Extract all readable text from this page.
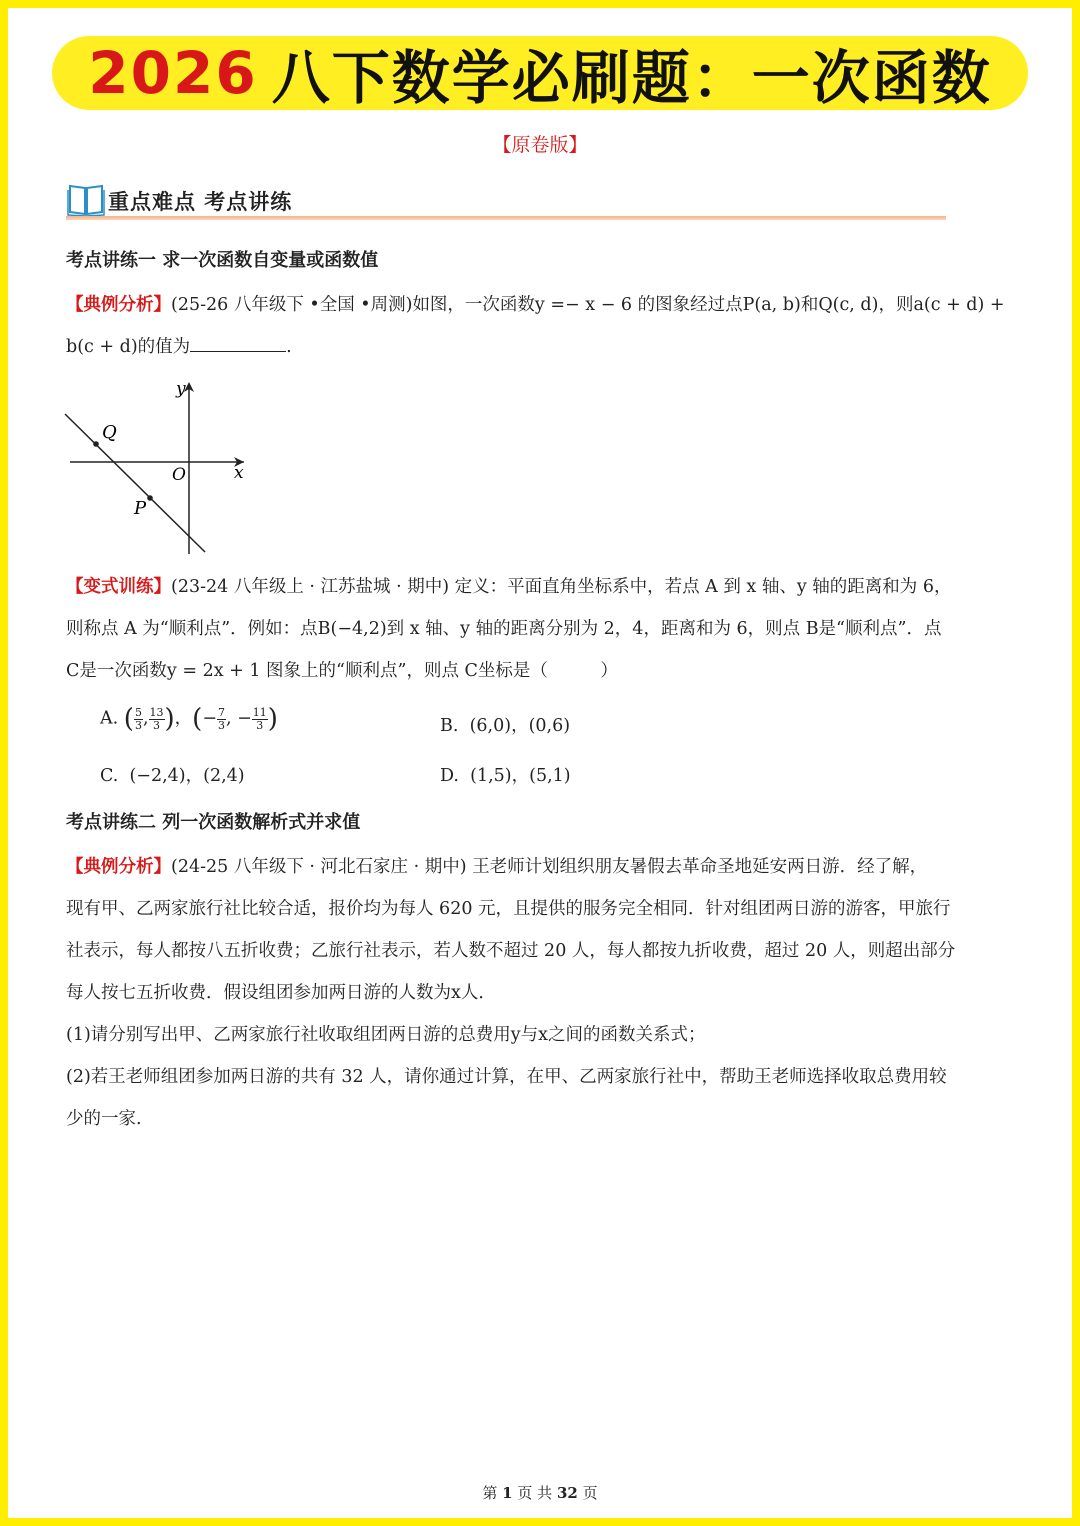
2026 八下数学必刷题：一次函数
【原卷版】
重点难点 考点讲练
考点讲练一 求一次函数自变量或函数值
【典例分析】(25-26 八年级下 •全国 •周测)如图，一次函数y =− x − 6 的图象经过点P(a, b)和Q(c, d)，则a(c + d) +
b(c + d)的值为	.
y
x
O
Q
P
【变式训练】(23-24 八年级上 · 江苏盐城 · 期中) 定义：平面直角坐标系中，若点 A 到 x 轴、y 轴的距离和为 6，
则称点 A 为“顺利点”．例如：点B(−4,2)到 x 轴、y 轴的距离分别为 2，4，距离和为 6，则点 B是“顺利点”．点
C是一次函数y = 2x + 1 图象上的“顺利点”，则点 C坐标是（　　　）
A. ( $\frac{5}{3}$ , $\frac{13}{3}$ )，(− $\frac{7}{3}$ , − $\frac{11}{3}$ )	B. (6,0)，(0,6)
C. (−2,4)，(2,4)	D. (1,5)，(5,1)
考点讲练二 列一次函数解析式并求值
【典例分析】(24-25 八年级下 · 河北石家庄 · 期中) 王老师计划组织朋友暑假去革命圣地延安两日游．经了解，
现有甲、乙两家旅行社比较合适，报价均为每人 620 元，且提供的服务完全相同．针对组团两日游的游客，甲旅行
社表示，每人都按八五折收费；乙旅行社表示，若人数不超过 20 人，每人都按九折收费，超过 20 人，则超出部分
每人按七五折收费．假设组团参加两日游的人数为x人．
(1)请分别写出甲、乙两家旅行社收取组团两日游的总费用y与x之间的函数关系式；
(2)若王老师组团参加两日游的共有 32 人，请你通过计算，在甲、乙两家旅行社中，帮助王老师选择收取总费用较
少的一家.
第 1 页 共 32 页
